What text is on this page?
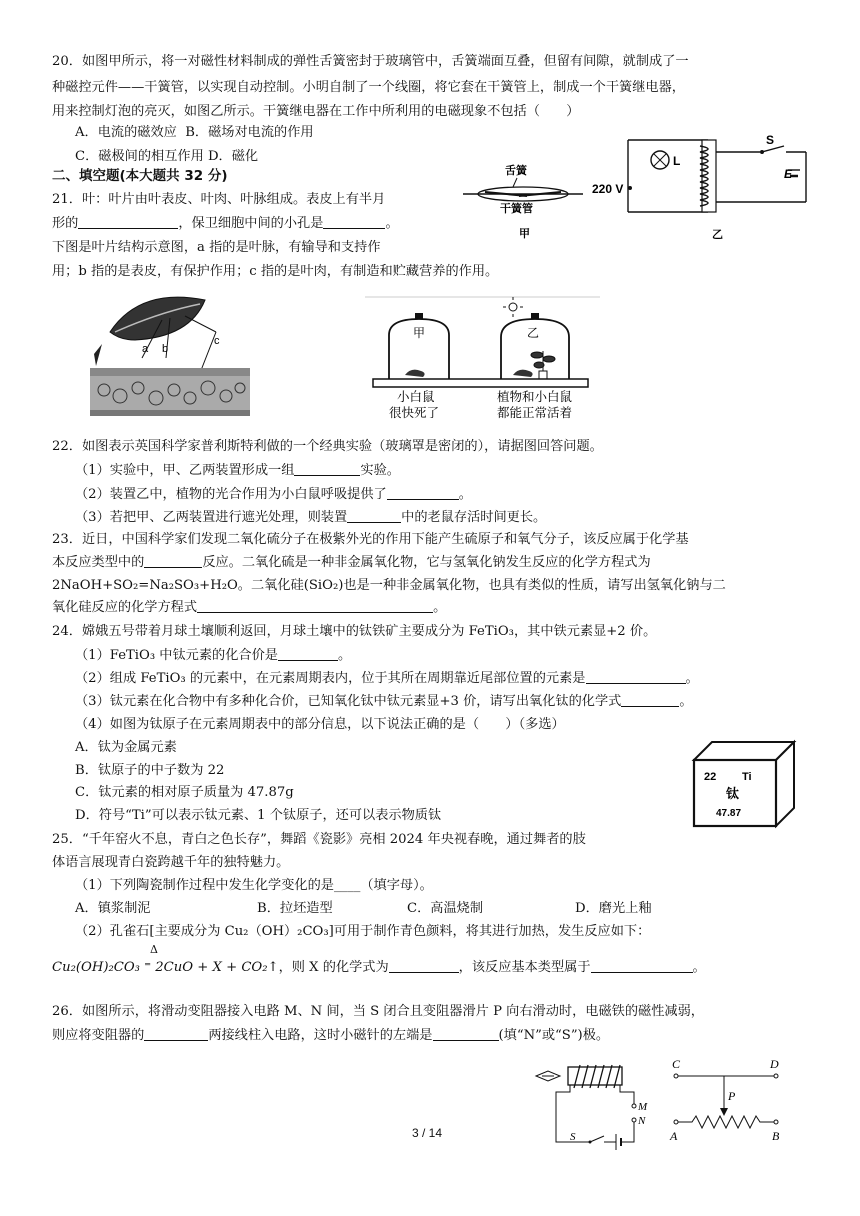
20．如图甲所示，将一对磁性材料制成的弹性舌簧密封于玻璃管中，舌簧端面互叠，但留有间隙，就制成了一
种磁控元件——干簧管，以实现自动控制。小明自制了一个线圈，将它套在干簧管上，制成一个干簧继电器，
用来控制灯泡的亮灭，如图乙所示。干簧继电器在工作中所利用的电磁现象不包括（　　）
A．电流的磁效应 B．磁场对电流的作用
C．磁极间的相互作用 D．磁化
舌簧
干簧管
甲
L
220 V
S
E
乙
二、填空题(本大题共 32 分)
21．叶：叶片由叶表皮、叶肉、叶脉组成。表皮上有半月
形的	，保卫细胞中间的小孔是	。
下图是叶片结构示意图，a 指的是叶脉，有输导和支持作
用；b 指的是表皮，有保护作用；c 指的是叶肉，有制造和贮藏营养的作用。
a b
c
甲	乙
小白鼠
很快死了
植物和小白鼠
都能正常活着
22．如图表示英国科学家普利斯特利做的一个经典实验（玻璃罩是密闭的），请据图回答问题。
（1）实验中，甲、乙两装置形成一组	实验。
（2）装置乙中，植物的光合作用为小白鼠呼吸提供了	。
（3）若把甲、乙两装置进行遮光处理，则装置	中的老鼠存活时间更长。
23．近日，中国科学家们发现二氧化硫分子在极紫外光的作用下能产生硫原子和氧气分子，该反应属于化学基
本反应类型中的	反应。二氧化硫是一种非金属氧化物，它与氢氧化钠发生反应的化学方程式为
2NaOH+SO₂=Na₂SO₃+H₂O。二氧化硅(SiO₂)也是一种非金属氧化物，也具有类似的性质，请写出氢氧化钠与二
氧化硅反应的化学方程式	。
24．嫦娥五号带着月球土壤顺利返回，月球土壤中的钛铁矿主要成分为 FeTiO₃，其中铁元素显+2 价。
（1）FeTiO₃ 中钛元素的化合价是	。
（2）组成 FeTiO₃ 的元素中，在元素周期表内，位于其所在周期靠近尾部位置的元素是	。
（3）钛元素在化合物中有多种化合价，已知氧化钛中钛元素显+3 价，请写出氧化钛的化学式	。
（4）如图为钛原子在元素周期表中的部分信息，以下说法正确的是（　　）（多选）
A．钛为金属元素
B．钛原子的中子数为 22
C．钛元素的相对原子质量为 47.87g
D．符号“Ti”可以表示钛元素、1 个钛原子，还可以表示物质钛
22 Ti
钛
47.87
25．“千年窑火不息，青白之色长存”，舞蹈《瓷影》亮相 2024 年央视春晚，通过舞者的肢
体语言展现青白瓷跨越千年的独特魅力。
（1）下列陶瓷制作过程中发生化学变化的是____（填字母）。
A．镇浆制泥	B．拉坯造型	C．高温烧制	D．磨光上釉
（2）孔雀石[主要成分为 Cu₂（OH）₂CO₃]可用于制作青色颜料，将其进行加热，发生反应如下：
Δ
Cu₂(OH)₂CO₃ ⁼ 2CuO + X + CO₂↑，则 X 的化学式为	，该反应基本类型属于	。
26．如图所示，将滑动变阻器接入电路 M、N 间，当 S 闭合且变阻器滑片 P 向右滑动时，电磁铁的磁性减弱，
则应将变阻器的	两接线柱入电路，这时小磁针的左端是	(填“N”或“S”)极。
M
N
S
C	D
P
A	B
3 / 14
